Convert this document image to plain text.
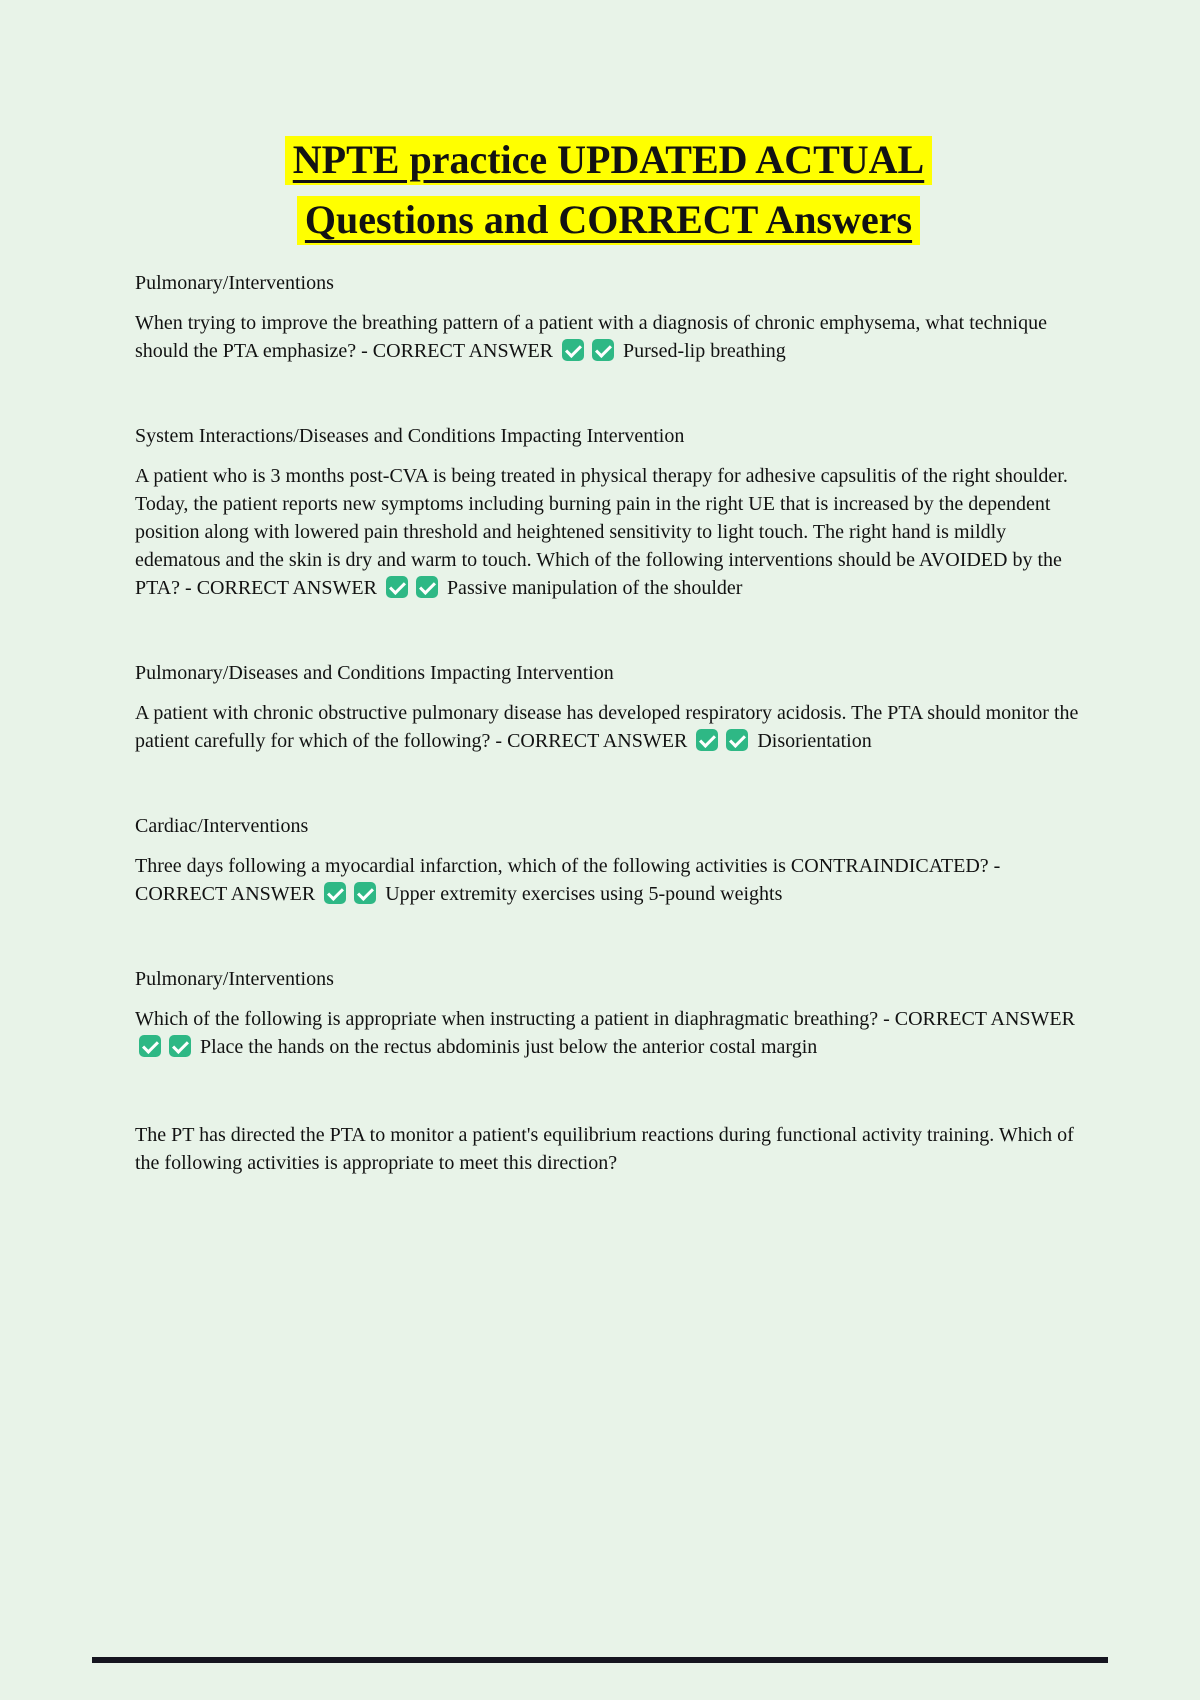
NPTE practice UPDATED ACTUAL
Questions and CORRECT Answers

Pulmonary/Interventions

When trying to improve the breathing pattern of a patient with a diagnosis of chronic emphysema, what technique should the PTA emphasize? - CORRECT ANSWER	Pursed-lip breathing

System Interactions/Diseases and Conditions Impacting Intervention

A patient who is 3 months post-CVA is being treated in physical therapy for adhesive capsulitis of the right shoulder. Today, the patient reports new symptoms including burning pain in the right UE that is increased by the dependent position along with lowered pain threshold and heightened sensitivity to light touch. The right hand is mildly edematous and the skin is dry and warm to touch. Which of the following interventions should be AVOIDED by the PTA? - CORRECT ANSWER	Passive manipulation of the shoulder

Pulmonary/Diseases and Conditions Impacting Intervention

A patient with chronic obstructive pulmonary disease has developed respiratory acidosis. The PTA should monitor the patient carefully for which of the following? - CORRECT ANSWER	Disorientation

Cardiac/Interventions

Three days following a myocardial infarction, which of the following activities is CONTRAINDICATED? - CORRECT ANSWER	Upper extremity exercises using 5-pound weights

Pulmonary/Interventions

Which of the following is appropriate when instructing a patient in diaphragmatic breathing? - CORRECT ANSWER  Place the hands on the rectus abdominis just below the anterior costal margin

The PT has directed the PTA to monitor a patient's equilibrium reactions during functional activity training. Which of the following activities is appropriate to meet this direction?
